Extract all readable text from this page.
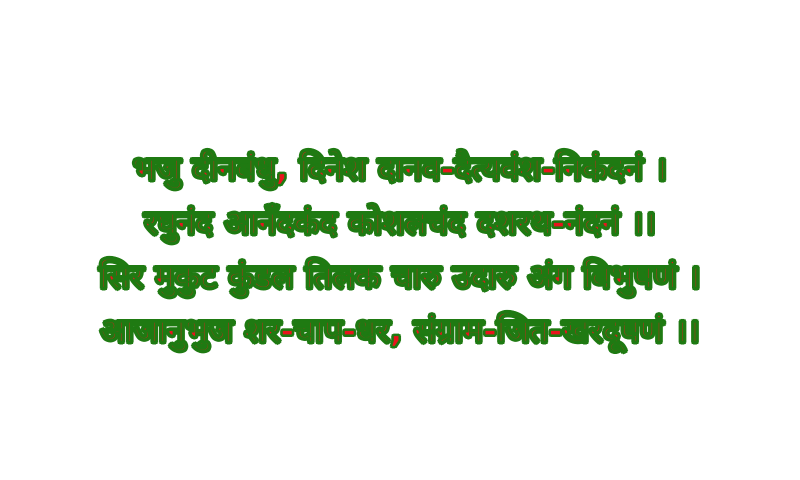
भजु दीनबंधु, दिनेश दानव-दैत्यवंश-निकंदनं ।
रघुनंद आनँदकंद कोशलचंद दशरथ-नंदनं ।।
सिर मुकुट कुंडल तिलक चारु उदारु अंग बिभुषणं ।
आजानुभुज शर-चाप-धर, संग्राम-जित-खरदूषणं ।।
